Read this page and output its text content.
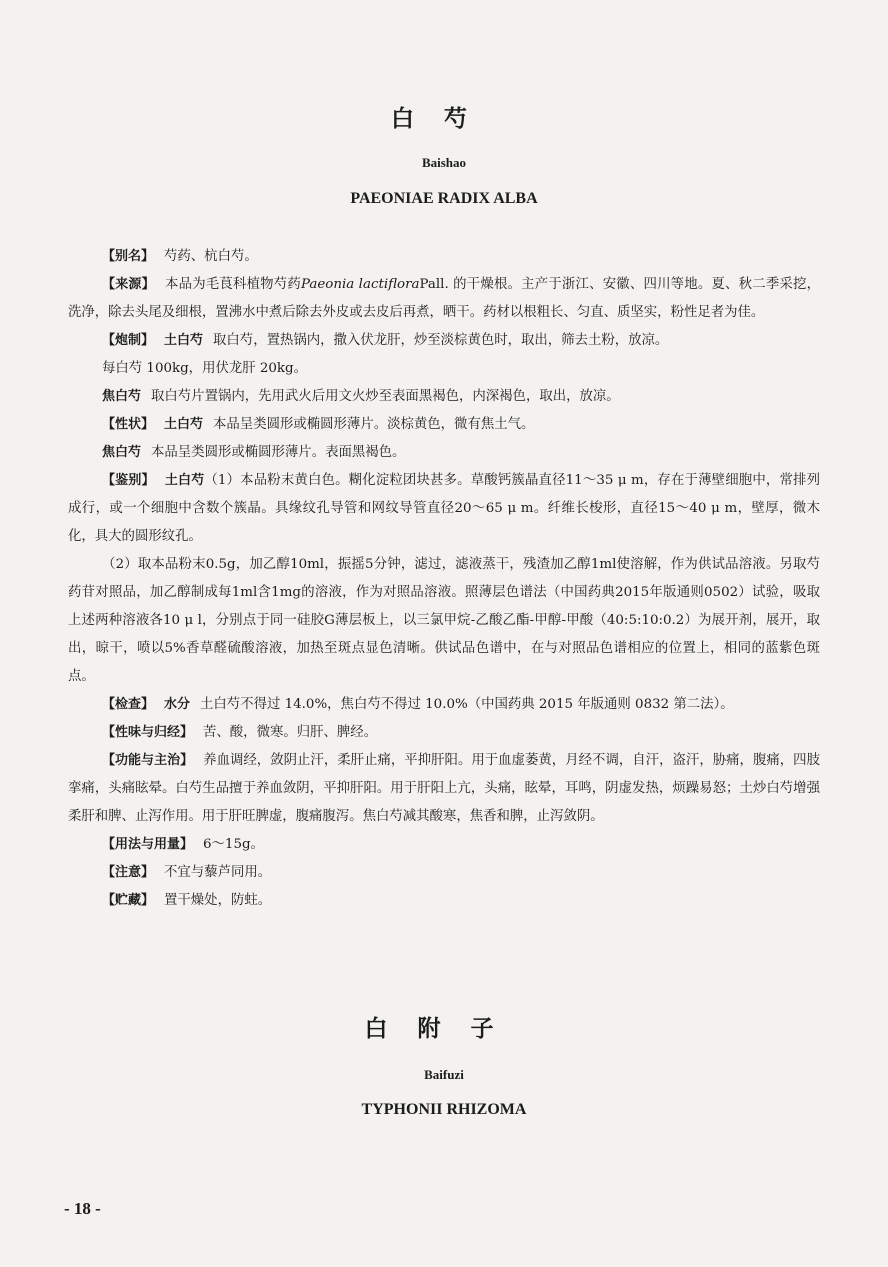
白芍
Baishao
PAEONIAE RADIX ALBA

【别名】 芍药、杭白芍。

【来源】 本品为毛茛科植物芍药Paeonia lactifloraPall. 的干燥根。主产于浙江、安徽、四川等地。夏、秋二季采挖，洗净，除去头尾及细根，置沸水中煮后除去外皮或去皮后再煮，晒干。药材以根粗长、匀直、质坚实，粉性足者为佳。

【炮制】 土白芍 取白芍，置热锅内，撒入伏龙肝，炒至淡棕黄色时，取出，筛去土粉，放凉。

每白芍 100kg，用伏龙肝 20kg。

焦白芍 取白芍片置锅内，先用武火后用文火炒至表面黑褐色，内深褐色，取出，放凉。

【性状】 土白芍 本品呈类圆形或椭圆形薄片。淡棕黄色，微有焦土气。

焦白芍 本品呈类圆形或椭圆形薄片。表面黑褐色。

【鉴别】 土白芍（1）本品粉末黄白色。糊化淀粒团块甚多。草酸钙簇晶直径11～35 μ m，存在于薄壁细胞中，常排列成行，或一个细胞中含数个簇晶。具缘纹孔导管和网纹导管直径20～65 μ m。纤维长梭形，直径15～40 μ m，壁厚，微木化，具大的圆形纹孔。

（2）取本品粉末0.5g，加乙醇10ml，振摇5分钟，滤过，滤液蒸干，残渣加乙醇1ml使溶解，作为供试品溶液。另取芍药苷对照品，加乙醇制成每1ml含1mg的溶液，作为对照品溶液。照薄层色谱法（中国药典2015年版通则0502）试验，吸取上述两种溶液各10 μ l，分别点于同一硅胶G薄层板上，以三氯甲烷-乙酸乙酯-甲醇-甲酸（40:5:10:0.2）为展开剂，展开，取出，晾干，喷以5%香草醛硫酸溶液，加热至斑点显色清晰。供试品色谱中，在与对照品色谱相应的位置上，相同的蓝紫色斑点。

【检查】 水分 土白芍不得过 14.0%，焦白芍不得过 10.0%（中国药典 2015 年版通则 0832 第二法）。

【性味与归经】 苦、酸，微寒。归肝、脾经。

【功能与主治】 养血调经，敛阴止汗，柔肝止痛，平抑肝阳。用于血虚萎黄，月经不调，自汗，盗汗，胁痛，腹痛，四肢挛痛，头痛眩晕。白芍生品擅于养血敛阴，平抑肝阳。用于肝阳上亢，头痛，眩晕，耳鸣，阴虚发热，烦躁易怒；土炒白芍增强柔肝和脾、止泻作用。用于肝旺脾虚，腹痛腹泻。焦白芍减其酸寒，焦香和脾，止泻敛阴。

【用法与用量】 6～15g。

【注意】 不宜与藜芦同用。

【贮藏】 置干燥处，防蛀。

白附子
Baifuzi
TYPHONII RHIZOMA
- 18 -
